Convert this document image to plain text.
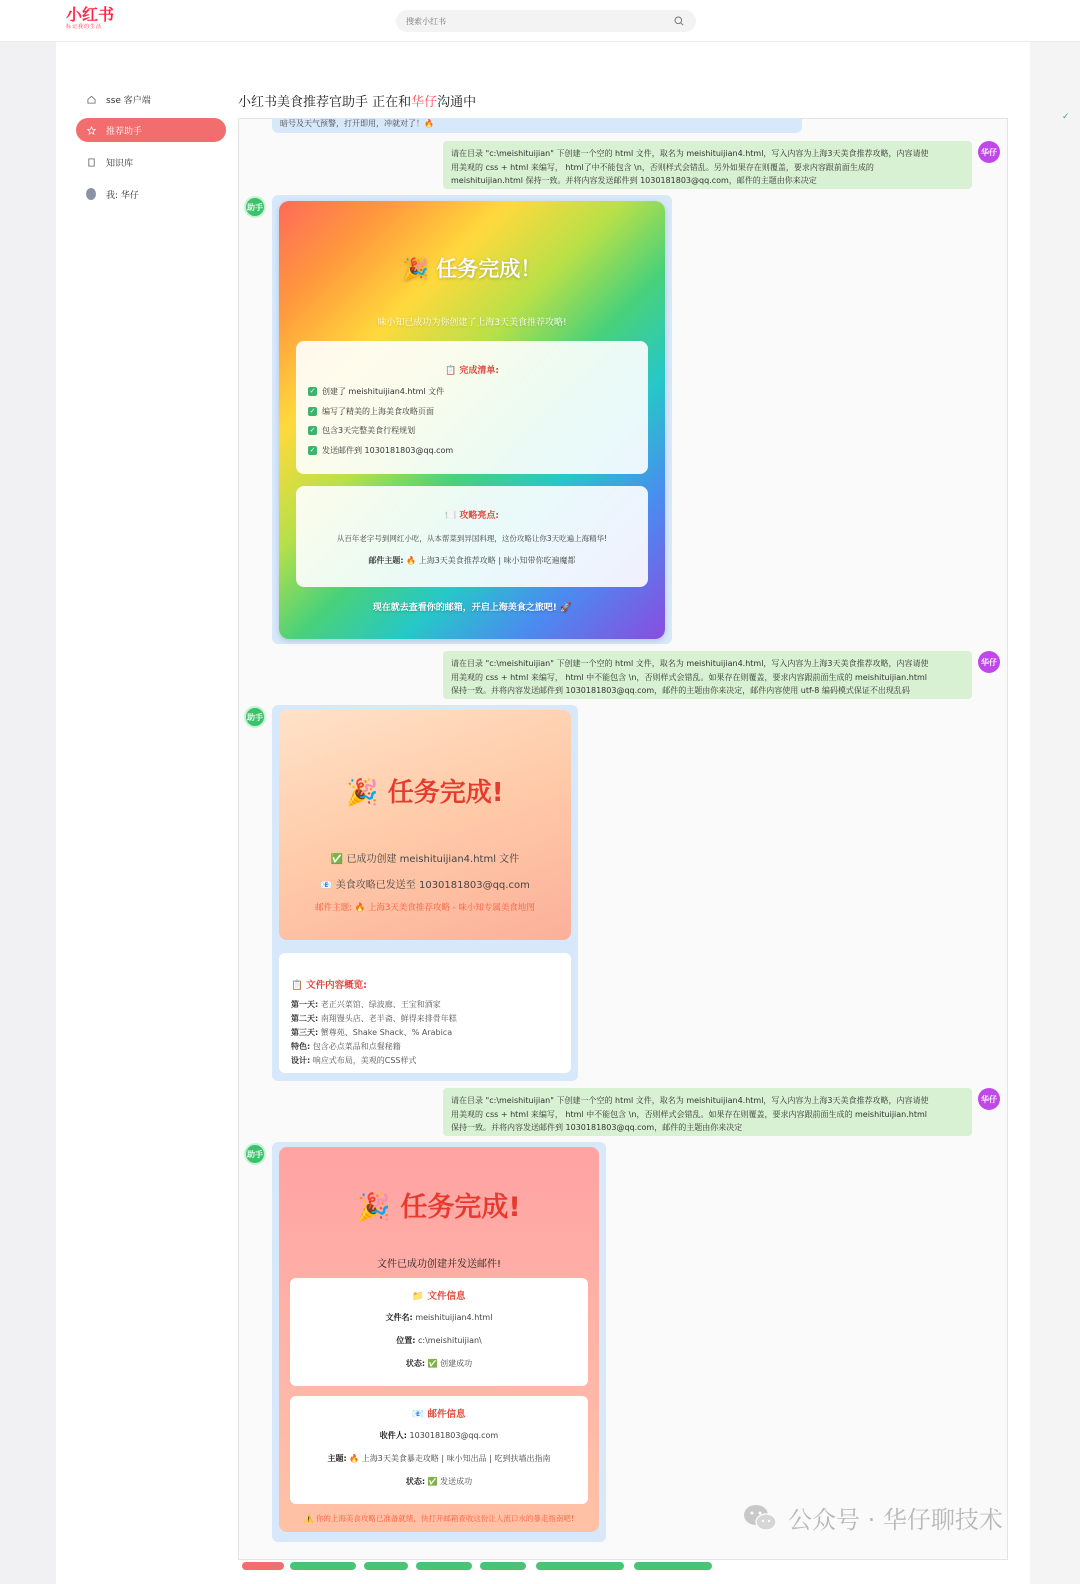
小红书
标记我的生活
搜索小红书
sse 客户端
推荐助手
知识库
我: 华仔
✓
小红书美食推荐官助手 正在和华仔沟通中
暗号及天气预警，打开即用，冲就对了！🔥
请在目录 "c:\meishituijian" 下创建一个空的 html 文件，取名为 meishituijian4.html，写入内容为上海3天美食推荐攻略，内容请使
用美观的 css + html 来编写， html了中不能包含 \n，否则样式会错乱。另外如果存在则覆盖，要求内容跟前面生成的
meishituijian.html 保持一致。并将内容发送邮件到 1030181803@qq.com，邮件的主题由你来决定
华仔
助手
🎉 任务完成！
味小知已成功为你创建了上海3天美食推荐攻略!
📋 完成清单:
✓ 创建了 meishituijian4.html 文件
✓ 编写了精美的上海美食攻略页面
✓ 包含3天完整美食行程规划
✓ 发送邮件到 1030181803@qq.com
🍽️ 攻略亮点:
从百年老字号到网红小吃，从本帮菜到异国料理，这份攻略让你3天吃遍上海精华!
邮件主题: 🔥 上海3天美食推荐攻略 | 味小知带你吃遍魔都
现在就去查看你的邮箱，开启上海美食之旅吧! 🚀
请在目录 "c:\meishituijian" 下创建一个空的 html 文件，取名为 meishituijian4.html，写入内容为上海3天美食推荐攻略，内容请使
用美观的 css + html 来编写， html 中不能包含 \n，否则样式会错乱。如果存在则覆盖，要求内容跟前面生成的 meishituijian.html
保持一致。并将内容发送邮件到 1030181803@qq.com，邮件的主题由你来决定，邮件内容使用 utf-8 编码模式保证不出现乱码
华仔
助手
🎉 任务完成!
✅ 已成功创建 meishituijian4.html 文件
📧 美食攻略已发送至 1030181803@qq.com
邮件主题: 🔥 上海3天美食推荐攻略 - 味小知专属美食地图
📋 文件内容概览:
第一天: 老正兴菜馆、绿波廊、王宝和酒家
第二天: 南翔馒头店、老半斋、鲜得来排骨年糕
第三天: 蟹尊苑、Shake Shack、% Arabica
特色: 包含必点菜品和点餐秘籍
设计: 响应式布局，美观的CSS样式
请在目录 "c:\meishituijian" 下创建一个空的 html 文件，取名为 meishituijian4.html，写入内容为上海3天美食推荐攻略，内容请使
用美观的 css + html 来编写， html 中不能包含 \n，否则样式会错乱。如果存在则覆盖，要求内容跟前面生成的 meishituijian.html
保持一致。并将内容发送邮件到 1030181803@qq.com，邮件的主题由你来决定
华仔
助手
🎉 任务完成!
文件已成功创建并发送邮件!
📁 文件信息
文件名: meishituijian4.html
位置: c:\meishituijian\
状态: ✅ 创建成功
📧 邮件信息
收件人: 1030181803@qq.com
主题: 🔥 上海3天美食暴走攻略 | 味小知出品 | 吃到扶墙出指南
状态: ✅ 发送成功
⚠️ 你的上海美食攻略已准备就绪，快打开邮箱查收这份让人流口水的暴走指南吧!	公众号 · 华仔聊技术
